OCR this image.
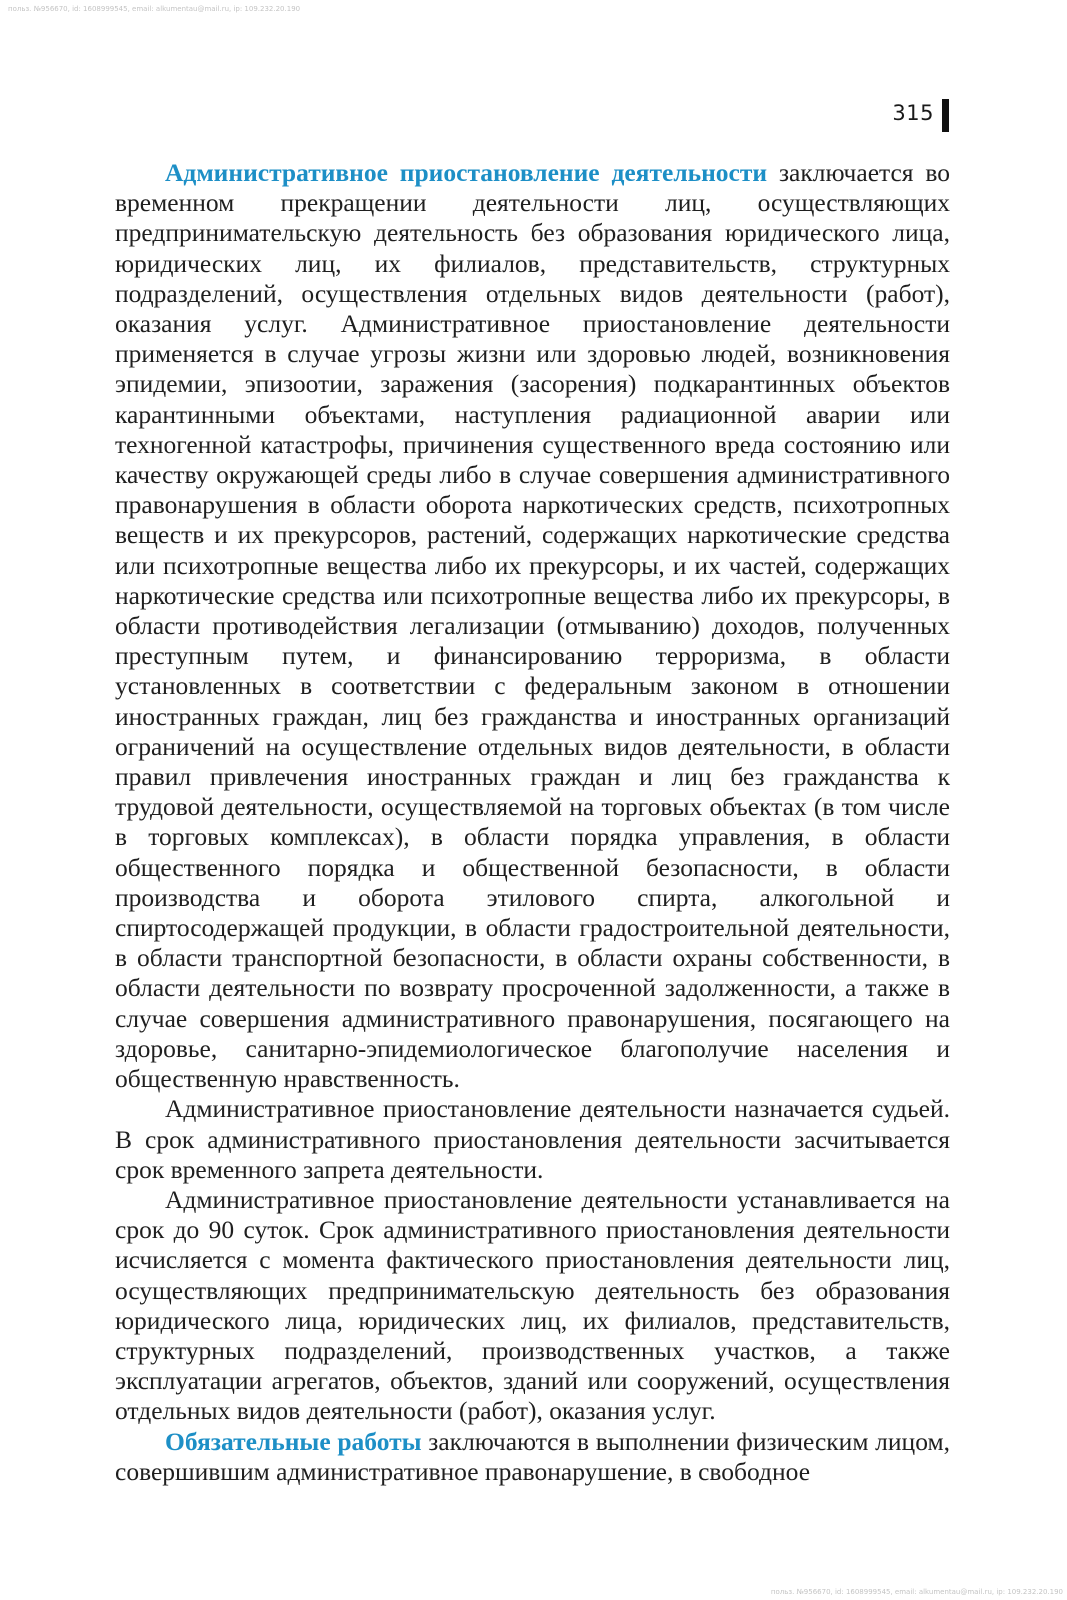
польз. №956670, id: 1608999545, email: alkumentau@mail.ru, ip: 109.232.20.190
315

Административное приостановление деятельности заключается во временном прекращении деятельности лиц, осуществляющих предпринимательскую деятельность без образования юридического лица, юридических лиц, их филиалов, представительств, структурных подразделений, осуществления отдельных видов деятельности (работ), оказания услуг. Административное приостановление деятельности применяется в случае угрозы жизни или здоровью людей, возникновения эпидемии, эпизоотии, заражения (засорения) подкарантинных объектов карантинными объектами, наступления радиационной аварии или техногенной катастрофы, причинения существенного вреда состоянию или качеству окружающей среды либо в случае совершения административного правонарушения в области оборота наркотических средств, психотропных веществ и их прекурсоров, растений, содержащих наркотические средства или психотропные вещества либо их прекурсоры, и их частей, содержащих наркотические средства или психотропные вещества либо их прекурсоры, в области противодействия легализации (отмыванию) доходов, полученных преступным путем, и финансированию терроризма, в области установленных в соответствии с федеральным законом в отношении иностранных граждан, лиц без гражданства и иностранных организаций ограничений на осуществление отдельных видов деятельности, в области правил привлечения иностранных граждан и лиц без гражданства к трудовой деятельности, осуществляемой на торговых объектах (в том числе в торговых комплексах), в области порядка управления, в области общественного порядка и общественной безопасности, в области производства и оборота этилового спирта, алкогольной и спиртосодержащей продукции, в области градостроительной деятельности, в области транспортной безопасности, в области охраны собственности, в области деятельности по возврату просроченной задолженности, а также в случае совершения административного правонарушения, посягающего на здоровье, санитарно-эпидемиологическое благополучие населения и общественную нравственность.

Административное приостановление деятельности назначается судьей. В срок административного приостановления деятельности засчитывается срок временного запрета деятельности.

Административное приостановление деятельности устанавливается на срок до 90 суток. Срок административного приостановления деятельности исчисляется с момента фактического приостановления деятельности лиц, осуществляющих предпринимательскую деятельность без образования юридического лица, юридических лиц, их филиалов, представительств, структурных подразделений, производственных участков, а также эксплуатации агрегатов, объектов, зданий или сооружений, осуществления отдельных видов деятельности (работ), оказания услуг.

Обязательные работы заключаются в выполнении физическим лицом, совершившим административное правонарушение, в свободное

польз. №956670, id: 1608999545, email: alkumentau@mail.ru, ip: 109.232.20.190
